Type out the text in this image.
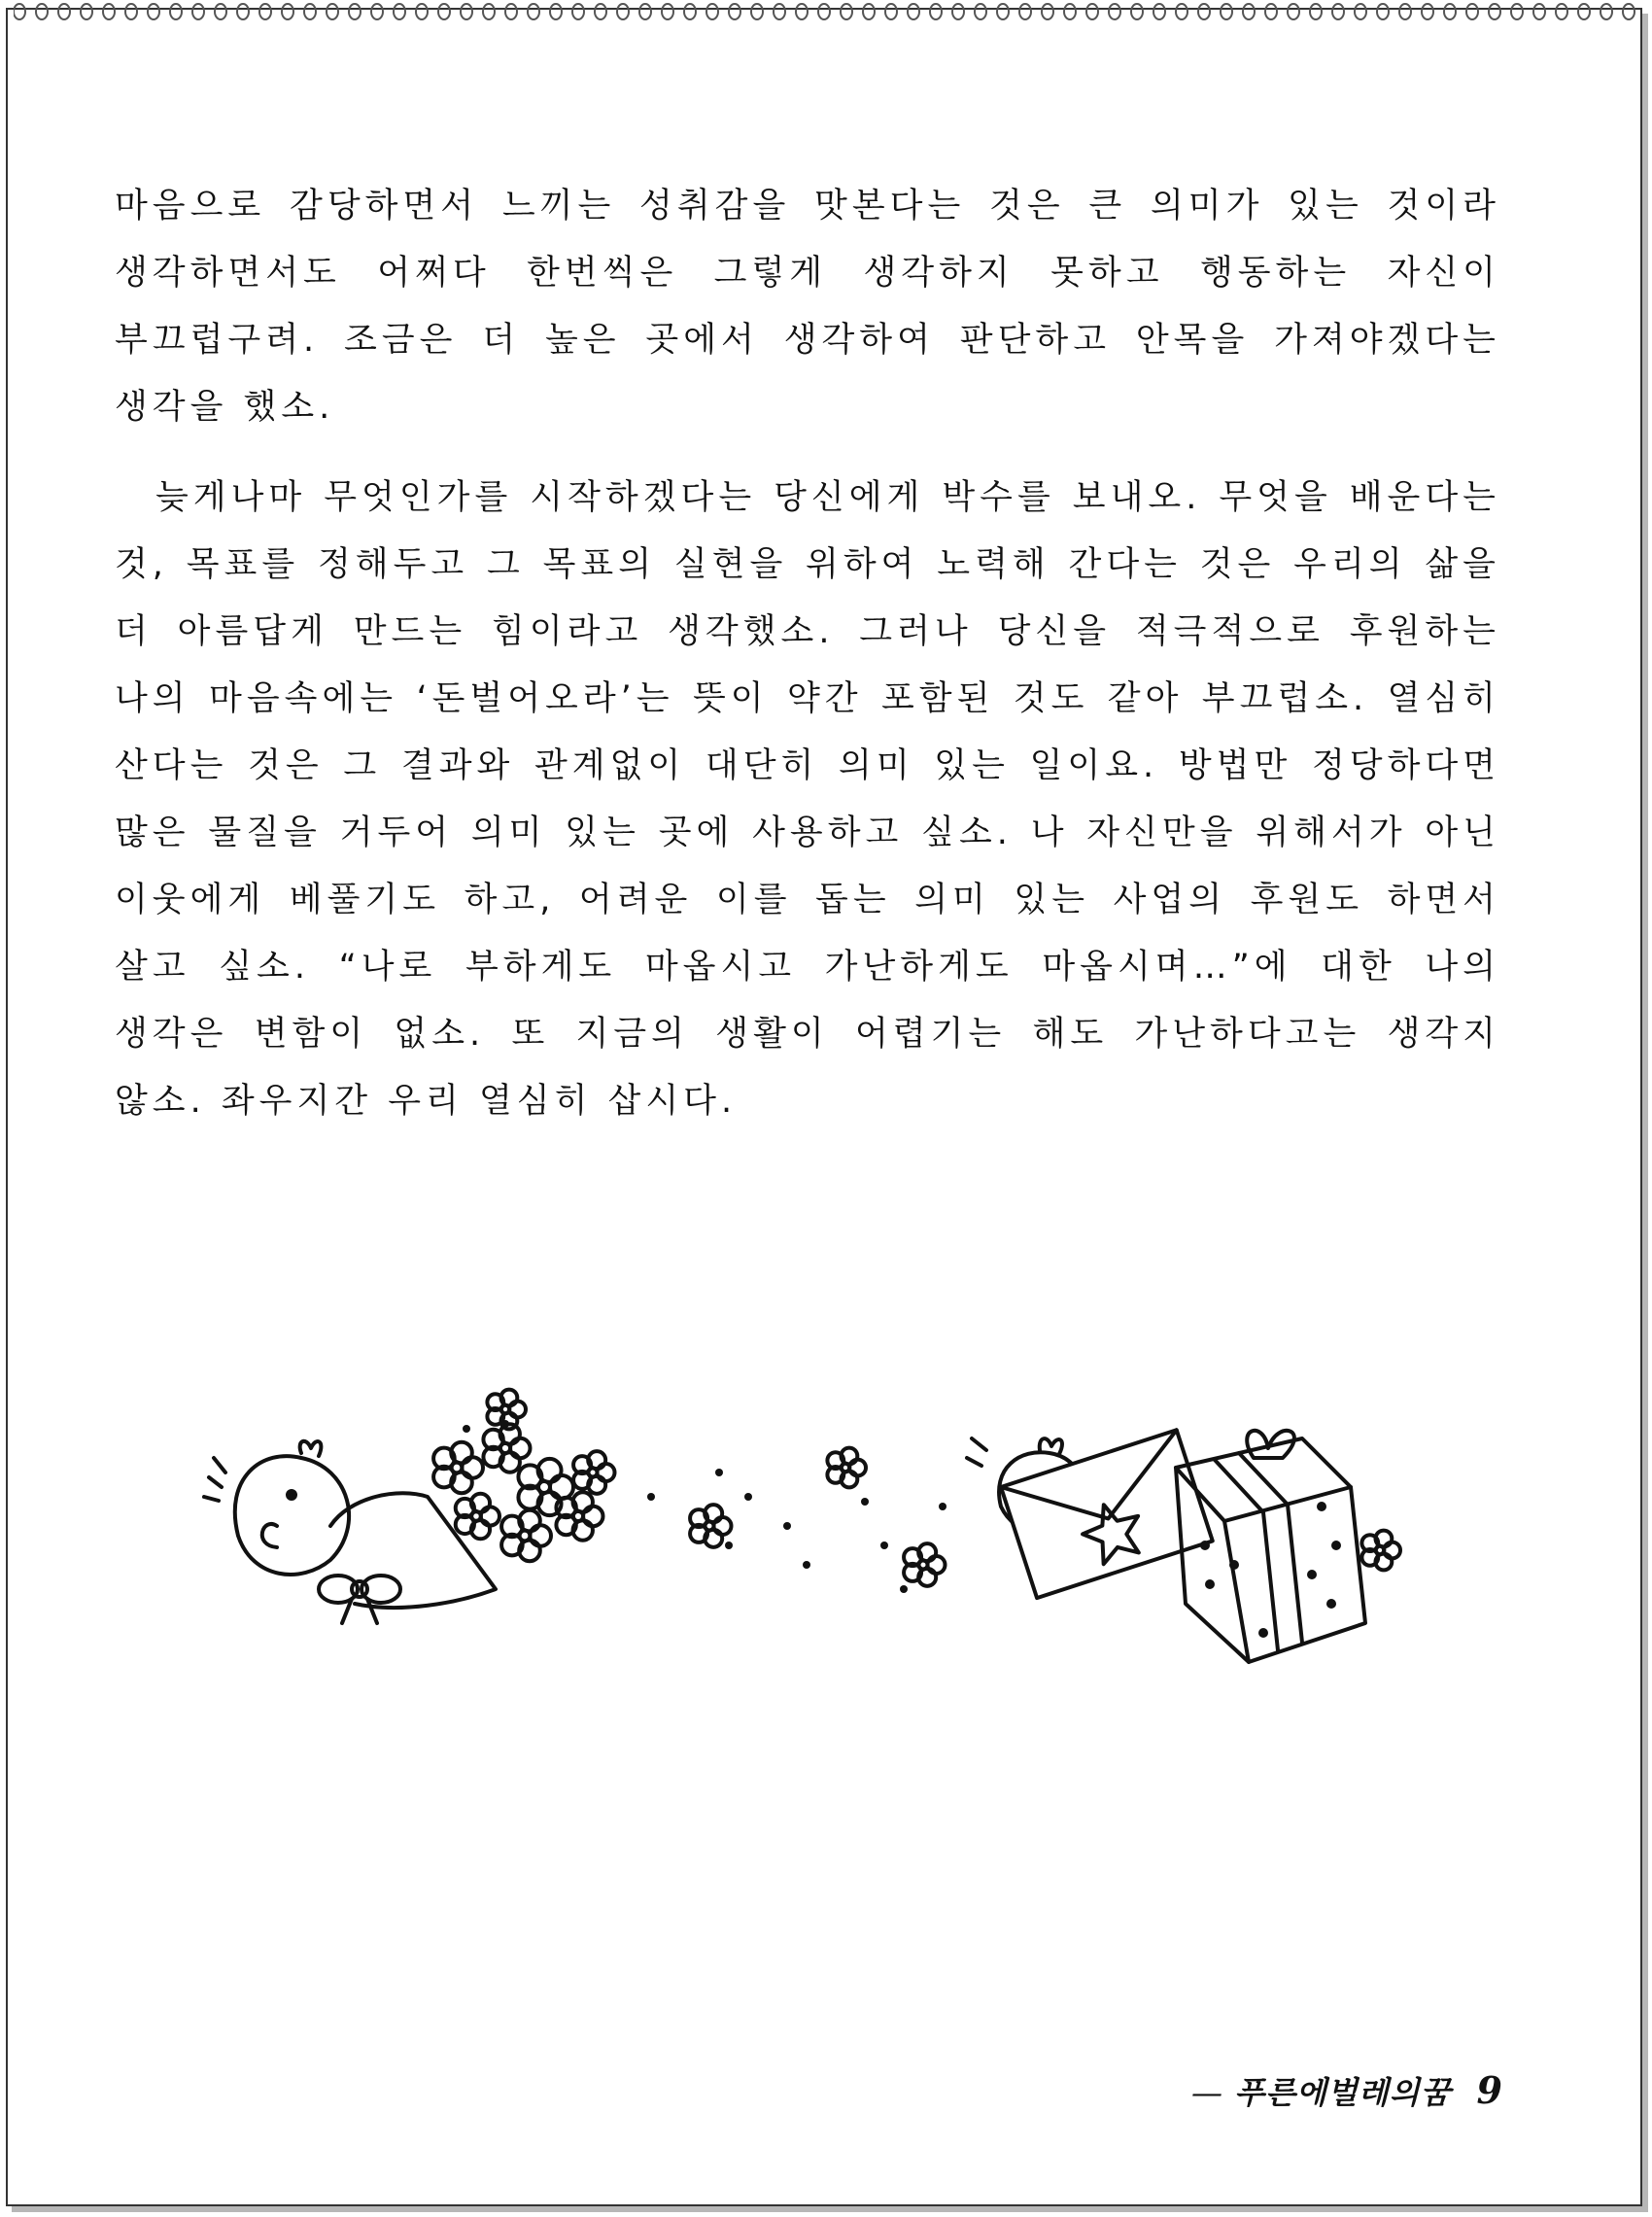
마음으로 감당하면서 느끼는 성취감을 맛본다는 것은 큰 의미가 있는 것이라 생각하면서도 어쩌다 한번씩은 그렇게 생각하지 못하고 행동하는 자신이 부끄럽구려. 조금은 더 높은 곳에서 생각하여 판단하고 안목을 가져야겠다는 생각을 했소.

늦게나마 무엇인가를 시작하겠다는 당신에게 박수를 보내오. 무엇을 배운다는 것, 목표를 정해두고 그 목표의 실현을 위하여 노력해 간다는 것은 우리의 삶을 더 아름답게 만드는 힘이라고 생각했소. 그러나 당신을 적극적으로 후원하는 나의 마음속에는 ‘돈벌어오라’는 뜻이 약간 포함된 것도 같아 부끄럽소. 열심히 산다는 것은 그 결과와 관계없이 대단히 의미 있는 일이요. 방법만 정당하다면 많은 물질을 거두어 의미 있는 곳에 사용하고 싶소. 나 자신만을 위해서가 아닌 이웃에게 베풀기도 하고, 어려운 이를 돕는 의미 있는 사업의 후원도 하면서 살고 싶소. “나로 부하게도 마옵시고 가난하게도 마옵시며…”에 대한 나의 생각은 변함이 없소. 또 지금의 생활이 어렵기는 해도 가난하다고는 생각지 않소. 좌우지간 우리 열심히 삽시다.

— 푸른에벌레의꿈 9
